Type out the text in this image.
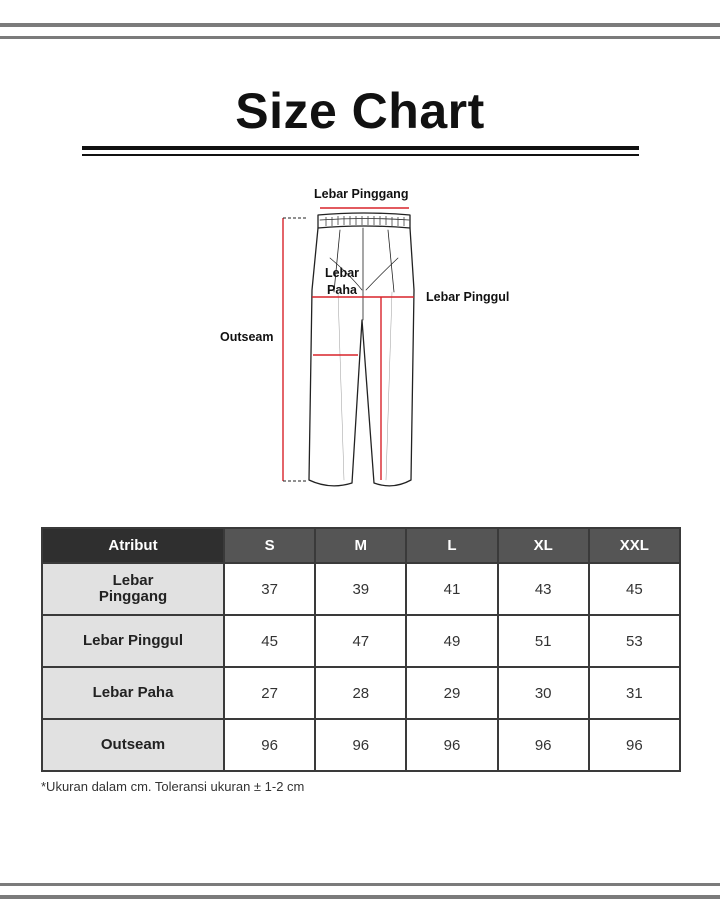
Size Chart
Lebar Pinggang
Lebar
Paha	Lebar Pinggul
Outseam
Atribut	S	M	L	XL	XXL

Lebar
Pinggang	37	39	41	43	45
Lebar Pinggul	45	47	49	51	53
Lebar Paha	27	28	29	30	31
Outseam	96	96	96	96	96
*Ukuran dalam cm. Toleransi ukuran ± 1-2 cm
